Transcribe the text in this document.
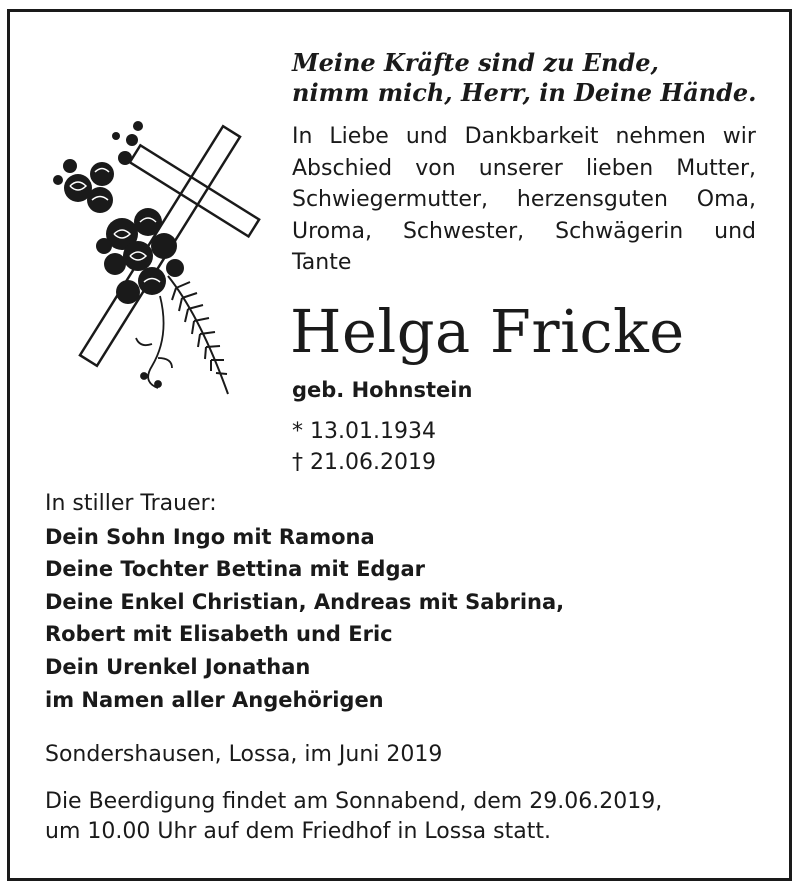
Meine Kräfte sind zu Ende,
nimm mich, Herr, in Deine Hände.
In Liebe und Dankbarkeit nehmen wir
Abschied von unserer lieben Mutter,
Schwiegermutter, herzensguten Oma,
Uroma, Schwester, Schwägerin und
Tante
Helga Fricke
geb. Hohnstein
* 13.01.1934
† 21.06.2019
In stiller Trauer:
Dein Sohn Ingo mit Ramona
Deine Tochter Bettina mit Edgar
Deine Enkel Christian, Andreas mit Sabrina,
Robert mit Elisabeth und Eric
Dein Urenkel Jonathan
im Namen aller Angehörigen
Sondershausen, Lossa, im Juni 2019
Die Beerdigung findet am Sonnabend, dem 29.06.2019,
um 10.00 Uhr auf dem Friedhof in Lossa statt.
